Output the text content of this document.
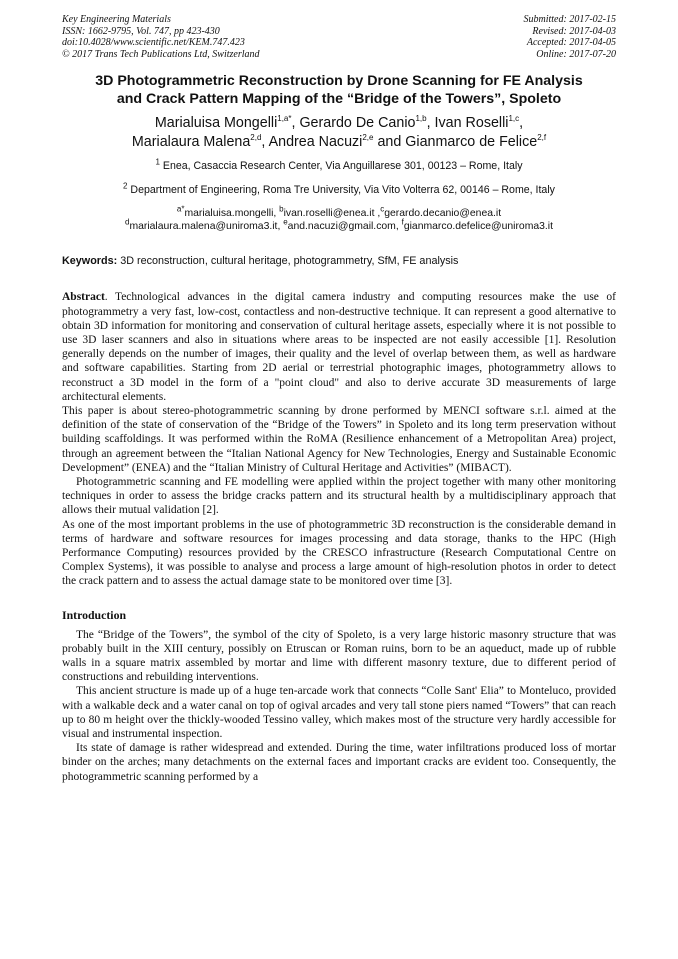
Key Engineering Materials
ISSN: 1662-9795, Vol. 747, pp 423-430
doi:10.4028/www.scientific.net/KEM.747.423
© 2017 Trans Tech Publications Ltd, Switzerland
Submitted: 2017-02-15
Revised: 2017-04-03
Accepted: 2017-04-05
Online: 2017-07-20
3D Photogrammetric Reconstruction by Drone Scanning for FE Analysis
and Crack Pattern Mapping of the “Bridge of the Towers”, Spoleto
Marialuisa Mongelli$^{1,a*}$, Gerardo De Canio$^{1,b}$, Ivan Roselli$^{1,c}$,
Marialaura Malena$^{2,d}$, Andrea Nacuzi$^{2,e}$ and Gianmarco de Felice$^{2,f}$
$^1$ Enea, Casaccia Research Center, Via Anguillarese 301, 00123 – Rome, Italy
$^2$ Department of Engineering, Roma Tre University, Via Vito Volterra 62, 00146 – Rome, Italy
$^{a*}$marialuisa.mongelli, $^b$ivan.roselli@enea.it ,$^c$gerardo.decanio@enea.it
$^d$marialaura.malena@uniroma3.it, $^e$and.nacuzi@gmail.com, $^f$gianmarco.defelice@uniroma3.it
Keywords: 3D reconstruction, cultural heritage, photogrammetry, SfM, FE analysis

Abstract. Technological advances in the digital camera industry and computing resources make the use of photogrammetry a very fast, low-cost, contactless and non-destructive technique. It can represent a good alternative to obtain 3D information for monitoring and conservation of cultural heritage assets, especially where it is not possible to use 3D laser scanners and also in situations where areas to be inspected are not easily accessible [1]. Resolution generally depends on the number of images, their quality and the level of overlap between them, as well as hardware and software capabilities. Starting from 2D aerial or terrestrial photographic images, photogrammetry allows to reconstruct a 3D model in the form of a "point cloud" and also to derive accurate 3D measurements of large architectural elements.

This paper is about stereo-photogrammetric scanning by drone performed by MENCI software s.r.l. aimed at the definition of the state of conservation of the “Bridge of the Towers” in Spoleto and its long term preservation without building scaffoldings. It was performed within the RoMA (Resilience enhancement of a Metropolitan Area) project, through an agreement between the “Italian National Agency for New Technologies, Energy and Sustainable Economic Development” (ENEA) and the “Italian Ministry of Cultural Heritage and Activities” (MIBACT).

Photogrammetric scanning and FE modelling were applied within the project together with many other monitoring techniques in order to assess the bridge cracks pattern and its structural health by a multidisciplinary approach that allows their mutual validation [2].

As one of the most important problems in the use of photogrammetric 3D reconstruction is the considerable demand in terms of hardware and software resources for images processing and data storage, thanks to the HPC (High Performance Computing) resources provided by the CRESCO infrastructure (Research Computational Centre on Complex Systems), it was possible to analyse and process a large amount of high-resolution photos in order to detect the crack pattern and to assess the actual damage state to be monitored over time [3].

Introduction

The “Bridge of the Towers”, the symbol of the city of Spoleto, is a very large historic masonry structure that was probably built in the XIII century, possibly on Etruscan or Roman ruins, born to be an aqueduct, made up of rubble walls in a square matrix assembled by mortar and lime with different masonry texture, due to different period of constructions and rebuilding interventions.

This ancient structure is made up of a huge ten-arcade work that connects “Colle Sant' Elia” to Monteluco, provided with a walkable deck and a water canal on top of ogival arcades and very tall stone piers named “Towers” that can reach up to 80 m height over the thickly-wooded Tessino valley, which makes most of the structure very hardly accessible for visual and instrumental inspection.

Its state of damage is rather widespread and extended. During the time, water infiltrations produced loss of mortar binder on the arches; many detachments on the external faces and important cracks are evident too. Consequently, the photogrammetric scanning performed by a
